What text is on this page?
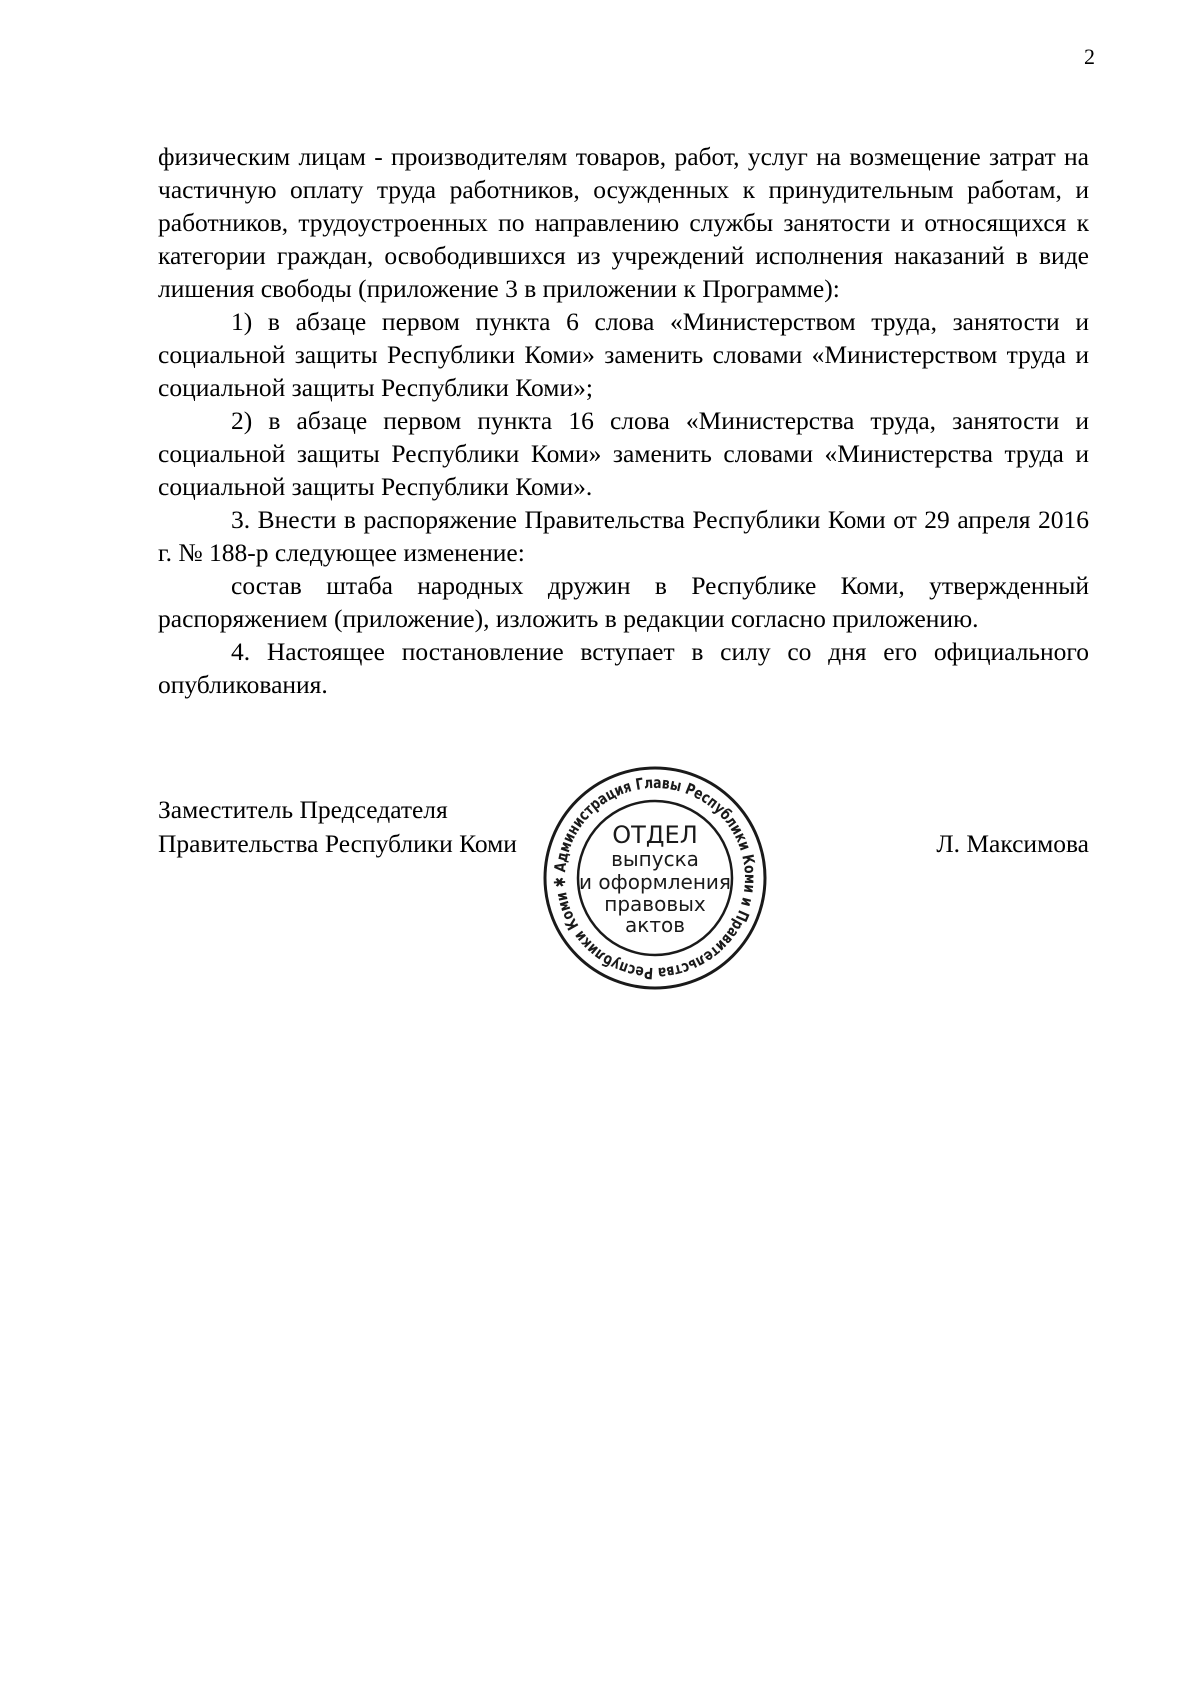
2

физическим лицам - производителям товаров, работ, услуг на возмещение затрат на частичную оплату труда работников, осужденных к принудительным работам, и работников, трудоустроенных по направлению службы занятости и относящихся к категории граждан, освободившихся из учреждений исполнения наказаний в виде лишения свободы (приложение 3 в приложении к Программе):

1) в абзаце первом пункта 6 слова «Министерством труда, занятости и социальной защиты Республики Коми» заменить словами «Министерством труда и социальной защиты Республики Коми»;

2) в абзаце первом пункта 16 слова «Министерства труда, занятости и социальной защиты Республики Коми» заменить словами «Министерства труда и социальной защиты Республики Коми».

3. Внести в распоряжение Правительства Республики Коми от 29 апреля 2016 г. № 188-р следующее изменение:

состав штаба народных дружин в Республике Коми, утвержденный распоряжением (приложение), изложить в редакции согласно приложению.

4. Настоящее постановление вступает в силу со дня его официального опубликования.

Заместитель Председателя
Правительства Республики Коми	Л. Максимова
Администрация Главы Республики Коми и Правительства Республики Коми ✱
ОТДЕЛ
выпуска
и оформления
правовых
актов
